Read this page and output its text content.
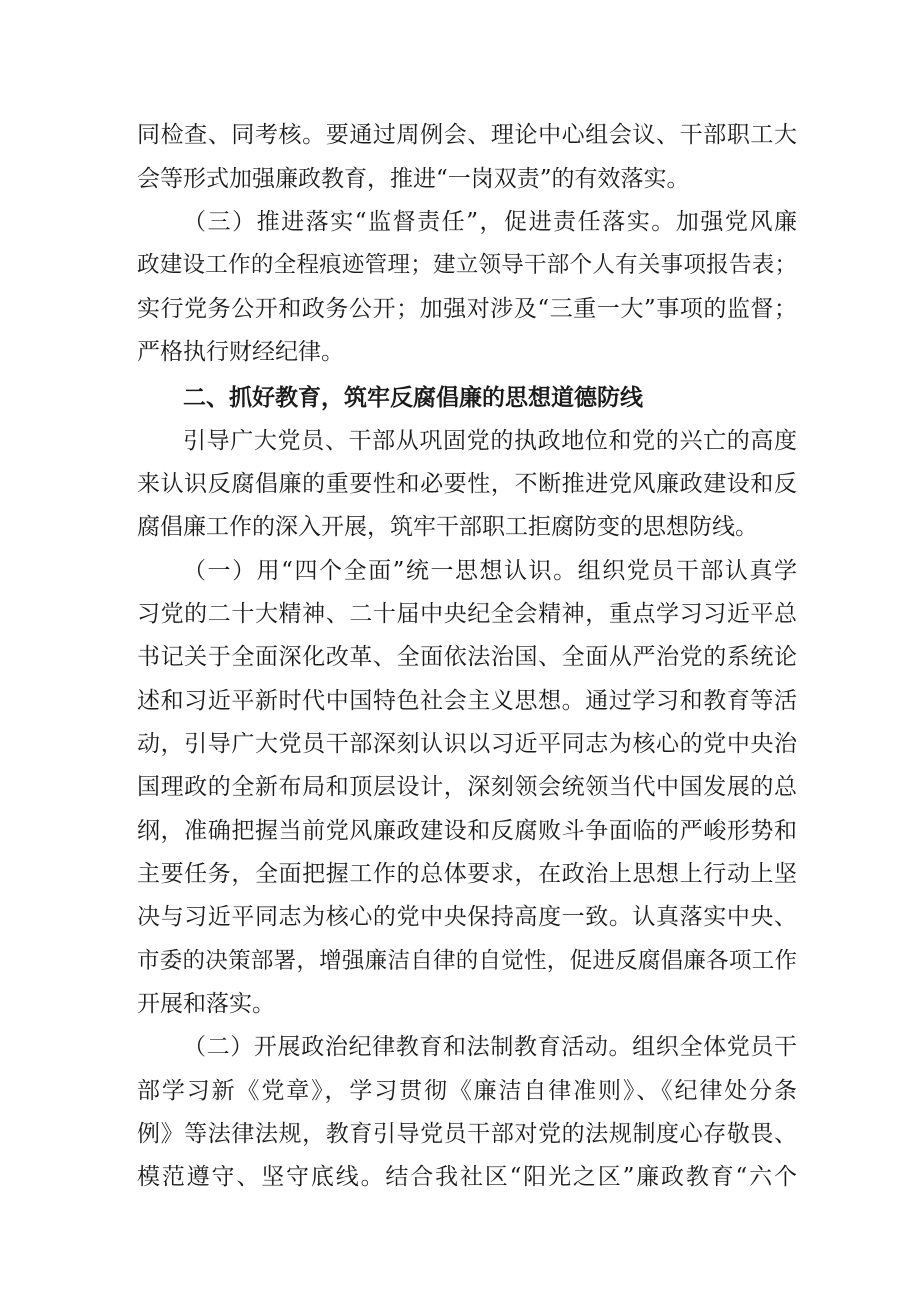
同检查、同考核。要通过周例会、理论中心组会议、干部职工大
会等形式加强廉政教育，推进“一岗双责”的有效落实。
（三）推进落实“监督责任”，促进责任落实。加强党风廉
政建设工作的全程痕迹管理；建立领导干部个人有关事项报告表；
实行党务公开和政务公开；加强对涉及“三重一大”事项的监督；
严格执行财经纪律。
二、抓好教育，筑牢反腐倡廉的思想道德防线
引导广大党员、干部从巩固党的执政地位和党的兴亡的高度
来认识反腐倡廉的重要性和必要性，不断推进党风廉政建设和反
腐倡廉工作的深入开展，筑牢干部职工拒腐防变的思想防线。
（一）用“四个全面”统一思想认识。组织党员干部认真学
习党的二十大精神、二十届中央纪全会精神，重点学习习近平总
书记关于全面深化改革、全面依法治国、全面从严治党的系统论
述和习近平新时代中国特色社会主义思想。通过学习和教育等活
动，引导广大党员干部深刻认识以习近平同志为核心的党中央治
国理政的全新布局和顶层设计，深刻领会统领当代中国发展的总
纲，准确把握当前党风廉政建设和反腐败斗争面临的严峻形势和
主要任务，全面把握工作的总体要求，在政治上思想上行动上坚
决与习近平同志为核心的党中央保持高度一致。认真落实中央、
市委的决策部署，增强廉洁自律的自觉性，促进反腐倡廉各项工作
开展和落实。
（二）开展政治纪律教育和法制教育活动。组织全体党员干
部学习新《党章》，学习贯彻《廉洁自律准则》、《纪律处分条
例》等法律法规，教育引导党员干部对党的法规制度心存敬畏、
模范遵守、坚守底线。结合我社区“阳光之区”廉政教育“六个
